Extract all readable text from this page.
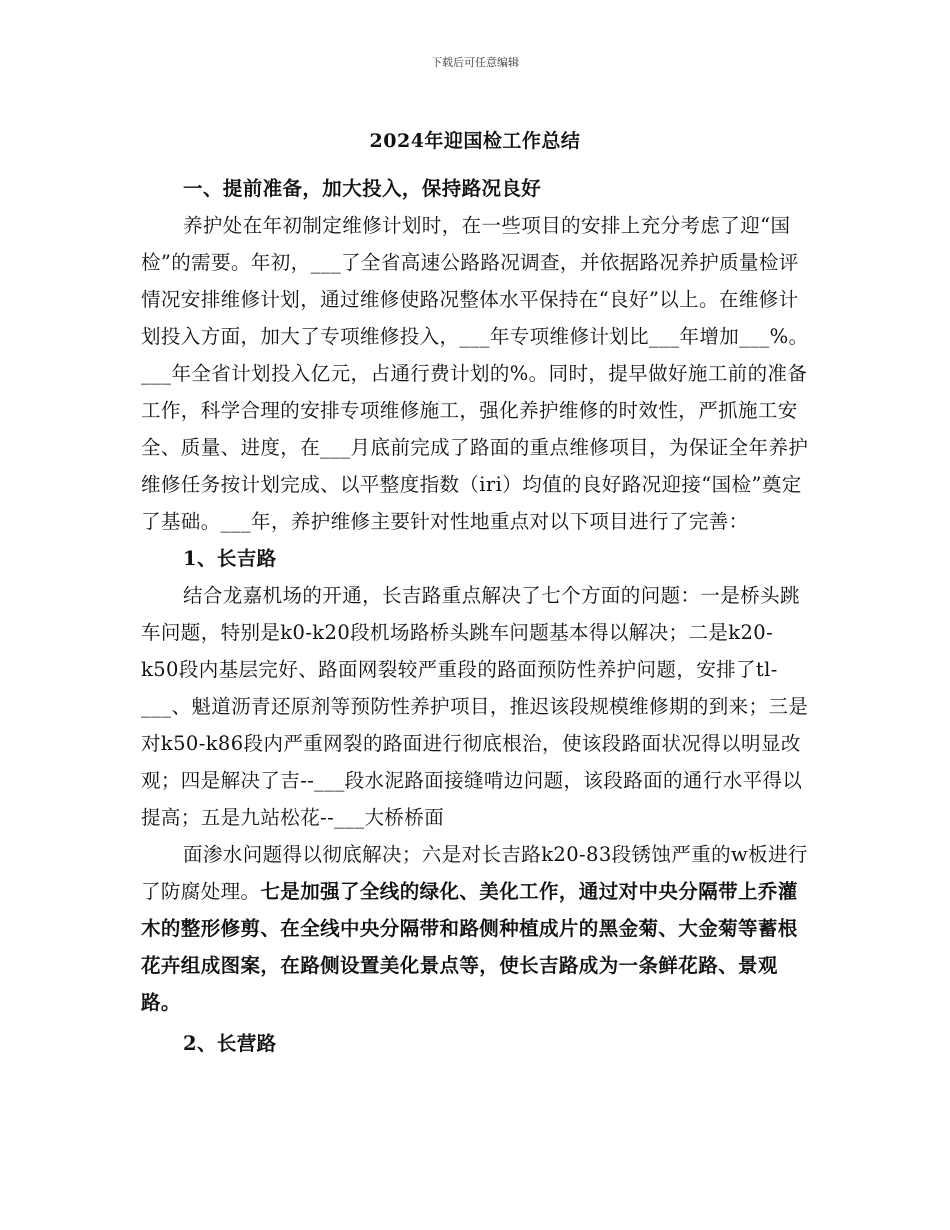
下载后可任意编辑
2024年迎国检工作总结

一、提前准备，加大投入，保持路况良好

养护处在年初制定维修计划时，在一些项目的安排上充分考虑了迎“国检”的需要。年初，___了全省高速公路路况调查，并依据路况养护质量检评情况安排维修计划，通过维修使路况整体水平保持在“良好”以上。在维修计划投入方面，加大了专项维修投入，___年专项维修计划比___年增加___%。___年全省计划投入亿元，占通行费计划的%。同时，提早做好施工前的准备工作，科学合理的安排专项维修施工，强化养护维修的时效性，严抓施工安全、质量、进度，在___月底前完成了路面的重点维修项目，为保证全年养护维修任务按计划完成、以平整度指数（iri）均值的良好路况迎接“国检”奠定了基础。___年，养护维修主要针对性地重点对以下项目进行了完善：

1、长吉路

结合龙嘉机场的开通，长吉路重点解决了七个方面的问题：一是桥头跳车问题，特别是k0-k20段机场路桥头跳车问题基本得以解决；二是k20-k50段内基层完好、路面网裂较严重段的路面预防性养护问题，安排了tl-___、魁道沥青还原剂等预防性养护项目，推迟该段规模维修期的到来；三是对k50-k86段内严重网裂的路面进行彻底根治，使该段路面状况得以明显改观；四是解决了吉--___段水泥路面接缝啃边问题，该段路面的通行水平得以提高；五是九站松花--___大桥桥面

面渗水问题得以彻底解决；六是对长吉路k20-83段锈蚀严重的w板进行了防腐处理。七是加强了全线的绿化、美化工作，通过对中央分隔带上乔灌木的整形修剪、在全线中央分隔带和路侧种植成片的黑金菊、大金菊等蓄根花卉组成图案，在路侧设置美化景点等，使长吉路成为一条鲜花路、景观路。

2、长营路
